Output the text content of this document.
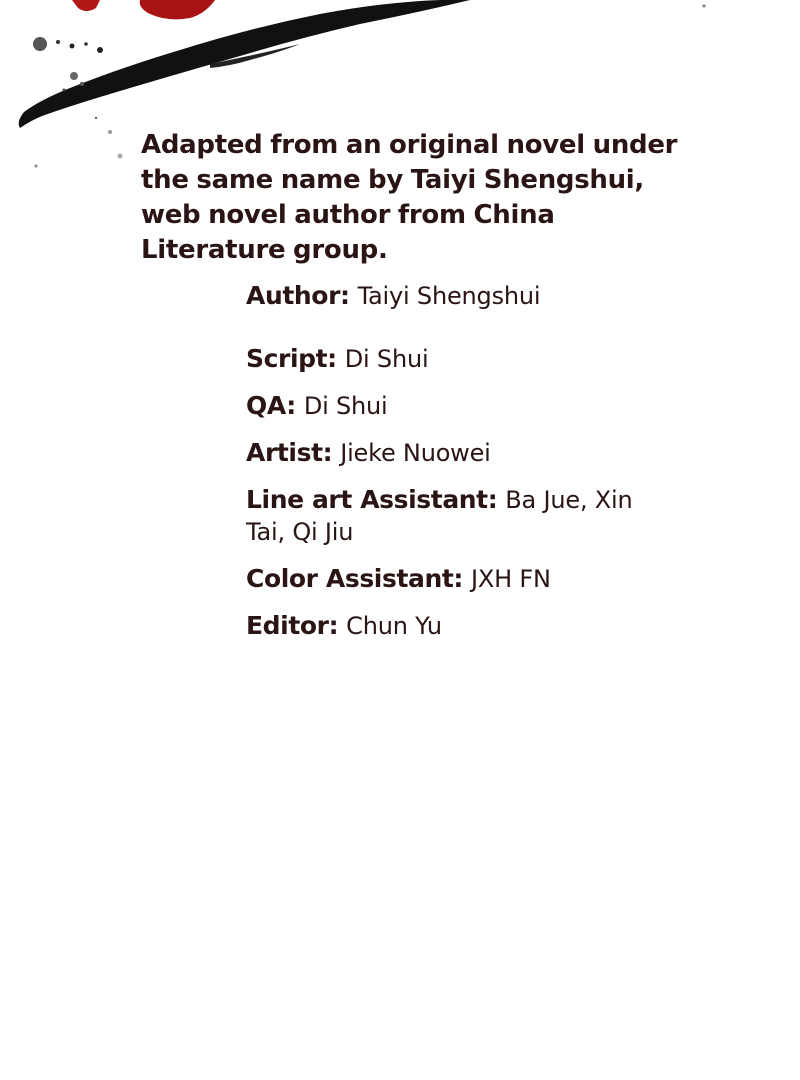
Adapted from an original novel under the same name by Taiyi Shengshui, web novel author from China Literature group.

Author: Taiyi Shengshui
Script: Di Shui
QA: Di Shui
Artist: Jieke Nuowei
Line art Assistant: Ba Jue, Xin Tai, Qi Jiu
Color Assistant: JXH FN
Editor: Chun Yu
